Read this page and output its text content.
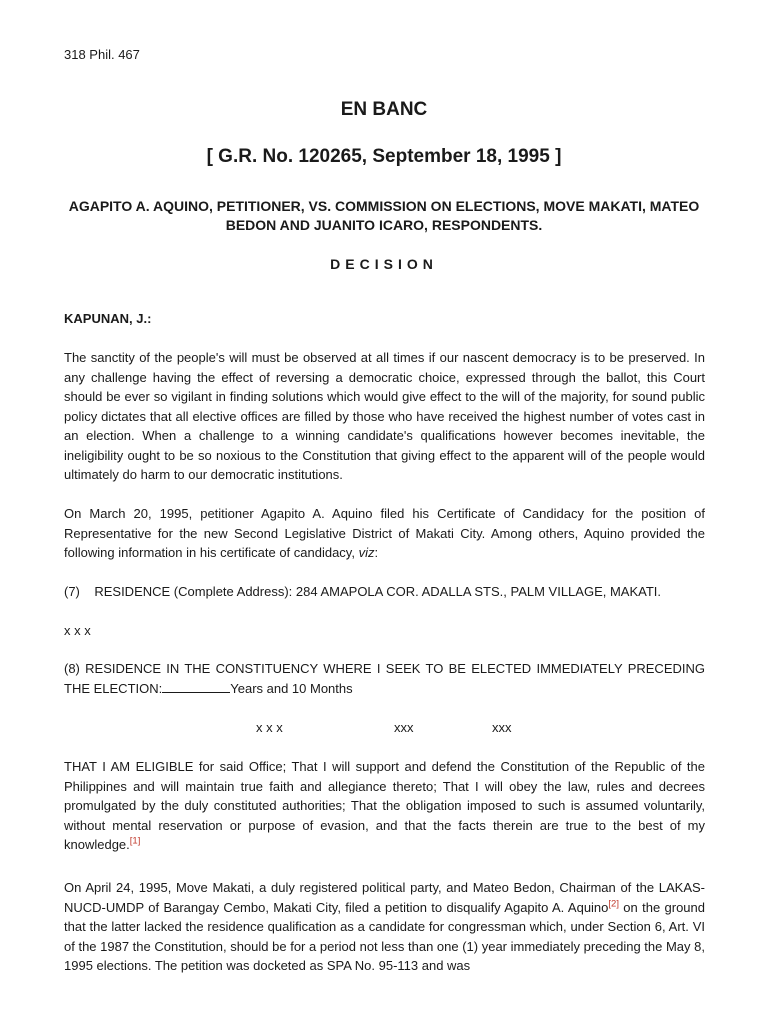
318 Phil. 467
EN BANC
[ G.R. No. 120265, September 18, 1995 ]
AGAPITO A. AQUINO, PETITIONER, VS. COMMISSION ON ELECTIONS, MOVE MAKATI, MATEO BEDON AND JUANITO ICARO, RESPONDENTS.
DECISION
KAPUNAN, J.:

The sanctity of the people's will must be observed at all times if our nascent democracy is to be preserved. In any challenge having the effect of reversing a democratic choice, expressed through the ballot, this Court should be ever so vigilant in finding solutions which would give effect to the will of the majority, for sound public policy dictates that all elective offices are filled by those who have received the highest number of votes cast in an election. When a challenge to a winning candidate's qualifications however becomes inevitable, the ineligibility ought to be so noxious to the Constitution that giving effect to the apparent will of the people would ultimately do harm to our democratic institutions.

On March 20, 1995, petitioner Agapito A. Aquino filed his Certificate of Candidacy for the position of Representative for the new Second Legislative District of Makati City. Among others, Aquino provided the following information in his certificate of candidacy, viz:

(7)    RESIDENCE (Complete Address): 284 AMAPOLA COR. ADALLA STS., PALM VILLAGE, MAKATI.

x x x

(8) RESIDENCE IN THE CONSTITUENCY WHERE I SEEK TO BE ELECTED IMMEDIATELY PRECEDING THE ELECTION:	Years and 10 Months

x x x	xxx	xxx

THAT I AM ELIGIBLE for said Office; That I will support and defend the Constitution of the Republic of the Philippines and will maintain true faith and allegiance thereto; That I will obey the law, rules and decrees promulgated by the duly constituted authorities; That the obligation imposed to such is assumed voluntarily, without mental reservation or purpose of evasion, and that the facts therein are true to the best of my knowledge.[1]

On April 24, 1995, Move Makati, a duly registered political party, and Mateo Bedon, Chairman of the LAKAS-NUCD-UMDP of Barangay Cembo, Makati City, filed a petition to disqualify Agapito A. Aquino[2] on the ground that the latter lacked the residence qualification as a candidate for congressman which, under Section 6, Art. VI of the 1987 the Constitution, should be for a period not less than one (1) year immediately preceding the May 8, 1995 elections. The petition was docketed as SPA No. 95-113 and was
